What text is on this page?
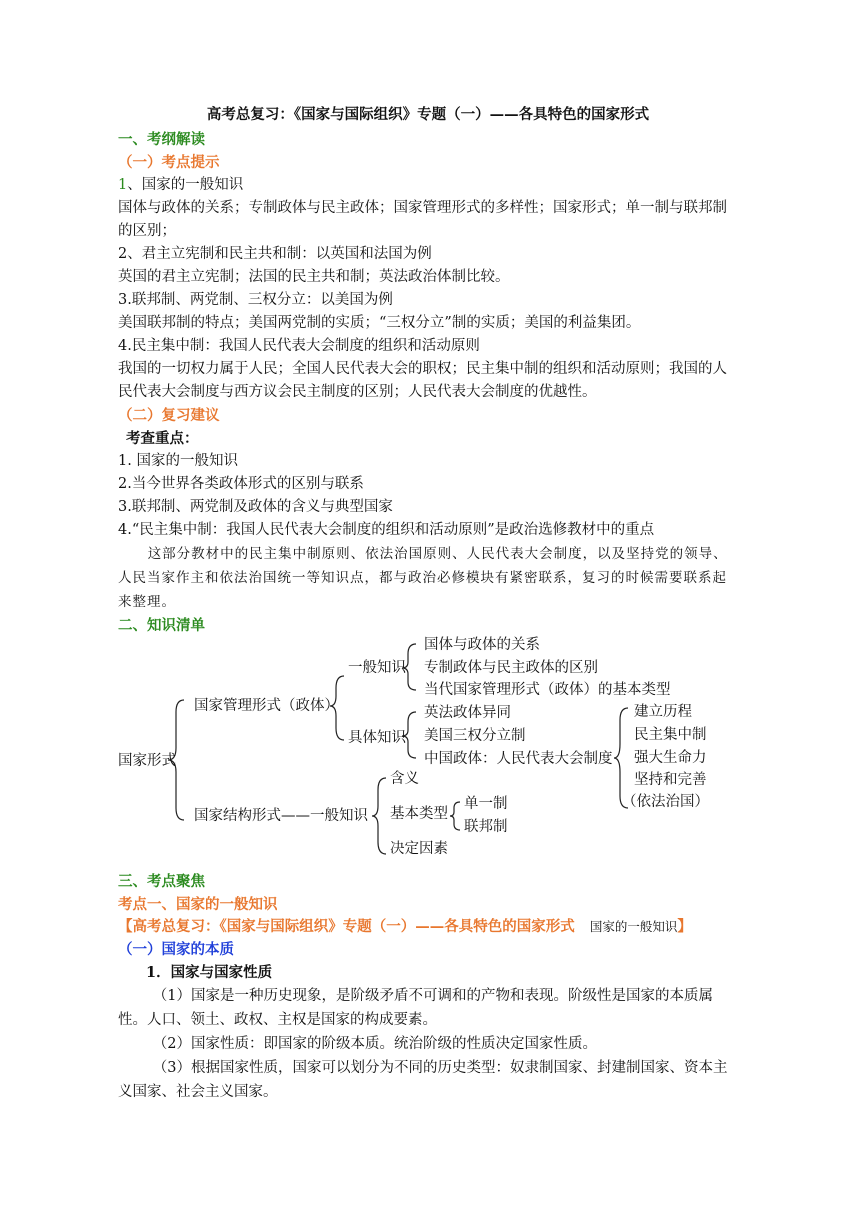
高考总复习：《国家与国际组织》专题（一）——各具特色的国家形式
一、考纲解读
（一）考点提示
1、国家的一般知识
国体与政体的关系；专制政体与民主政体；国家管理形式的多样性；国家形式；单一制与联邦制的区别；
2、君主立宪制和民主共和制：以英国和法国为例
英国的君主立宪制；法国的民主共和制；英法政治体制比较。
3.联邦制、两党制、三权分立：以美国为例
美国联邦制的特点；美国两党制的实质；“三权分立”制的实质；美国的利益集团。
4.民主集中制：我国人民代表大会制度的组织和活动原则
我国的一切权力属于人民；全国人民代表大会的职权；民主集中制的组织和活动原则；我国的人民代表大会制度与西方议会民主制度的区别；人民代表大会制度的优越性。
（二）复习建议
考查重点：
1. 国家的一般知识
2.当今世界各类政体形式的区别与联系
3.联邦制、两党制及政体的含义与典型国家
4.“民主集中制：我国人民代表大会制度的组织和活动原则”是政治选修教材中的重点
这部分教材中的民主集中制原则、依法治国原则、人民代表大会制度，以及坚持党的领导、人民当家作主和依法治国统一等知识点，都与政治必修模块有紧密联系，复习的时候需要联系起来整理。
二、知识清单
国家形式
国家管理形式（政体）
一般知识
国体与政体的关系
专制政体与民主政体的区别
当代国家管理形式（政体）的基本类型
具体知识
英法政体异同
美国三权分立制
中国政体：人民代表大会制度
建立历程
民主集中制
强大生命力
坚持和完善
（依法治国）
国家结构形式——一般知识
含义
基本类型
决定因素
单一制
联邦制
三、考点聚焦
考点一、国家的一般知识
【高考总复习：《国家与国际组织》专题（一）——各具特色的国家形式 国家的一般知识】
（一）国家的本质
1．国家与国家性质
（1）国家是一种历史现象，是阶级矛盾不可调和的产物和表现。阶级性是国家的本质属性。人口、领土、政权、主权是国家的构成要素。
（2）国家性质：即国家的阶级本质。统治阶级的性质决定国家性质。
（3）根据国家性质，国家可以划分为不同的历史类型：奴隶制国家、封建制国家、资本主义国家、社会主义国家。
